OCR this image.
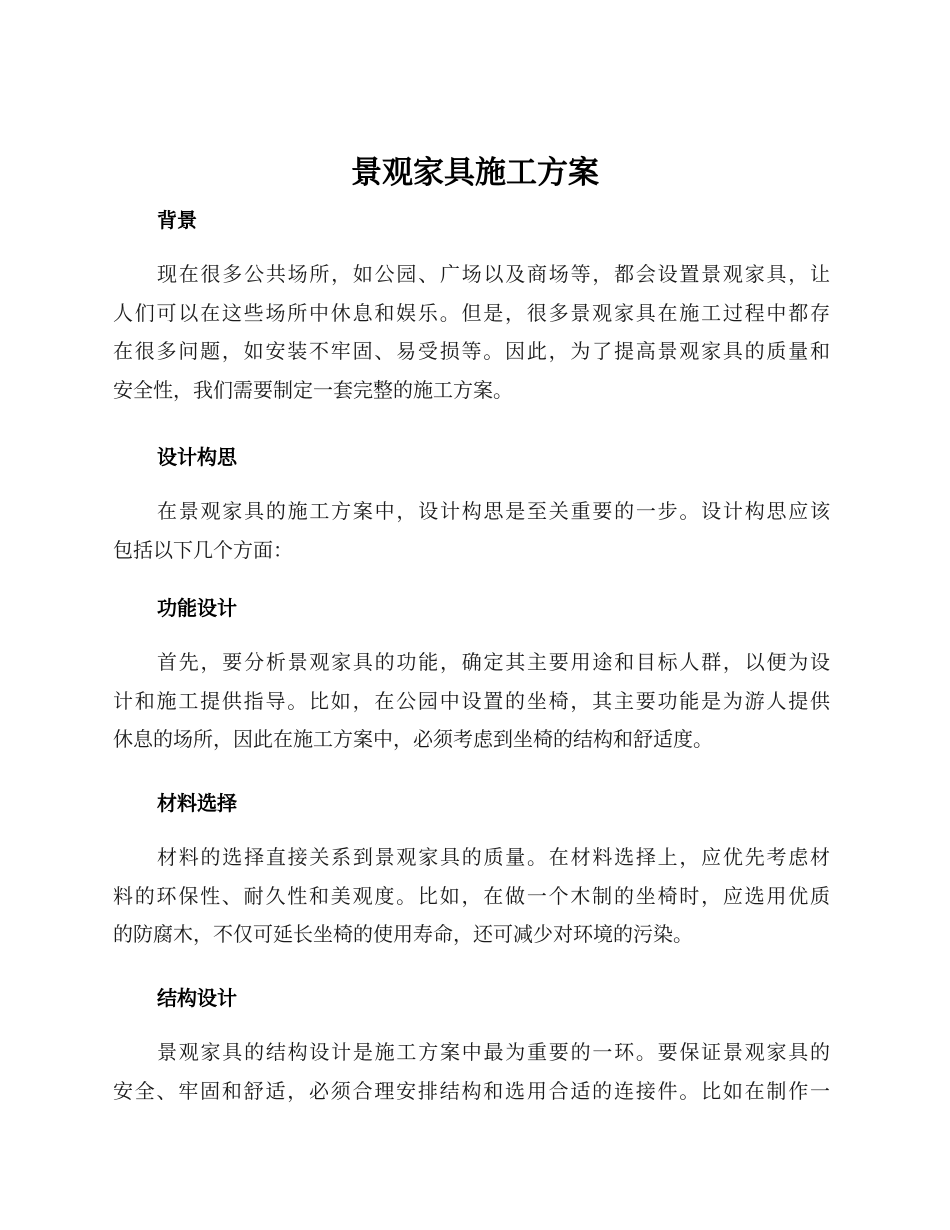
景观家具施工方案
背景
现在很多公共场所，如公园、广场以及商场等，都会设置景观家具，让
人们可以在这些场所中休息和娱乐。但是，很多景观家具在施工过程中都存
在很多问题，如安装不牢固、易受损等。因此，为了提高景观家具的质量和
安全性，我们需要制定一套完整的施工方案。
设计构思
在景观家具的施工方案中，设计构思是至关重要的一步。设计构思应该
包括以下几个方面：
功能设计
首先，要分析景观家具的功能，确定其主要用途和目标人群，以便为设
计和施工提供指导。比如，在公园中设置的坐椅，其主要功能是为游人提供
休息的场所，因此在施工方案中，必须考虑到坐椅的结构和舒适度。
材料选择
材料的选择直接关系到景观家具的质量。在材料选择上，应优先考虑材
料的环保性、耐久性和美观度。比如，在做一个木制的坐椅时，应选用优质
的防腐木，不仅可延长坐椅的使用寿命，还可减少对环境的污染。
结构设计
景观家具的结构设计是施工方案中最为重要的一环。要保证景观家具的
安全、牢固和舒适，必须合理安排结构和选用合适的连接件。比如在制作一
